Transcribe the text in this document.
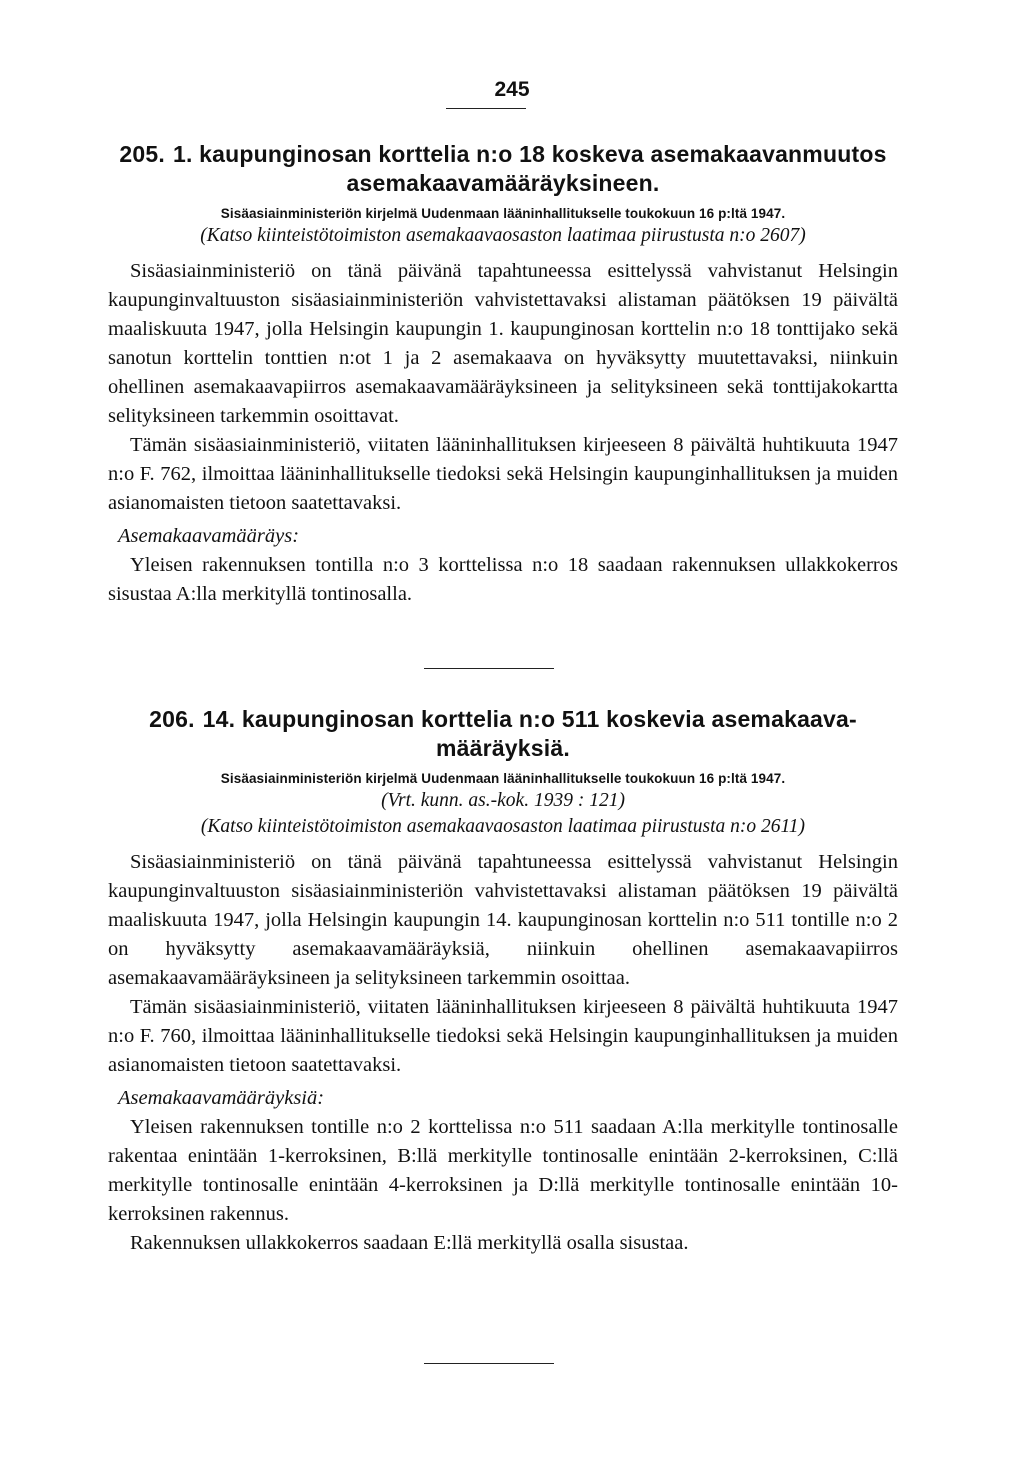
245
205. 1. kaupunginosan korttelia n:o 18 koskeva asemakaavanmuutos
asemakaavamääräyksineen.
Sisäasiainministeriön kirjelmä Uudenmaan lääninhallitukselle toukokuun 16 p:ltä 1947.
(Katso kiinteistötoimiston asemakaavaosaston laatimaa piirustusta n:o 2607)

Sisäasiainministeriö on tänä päivänä tapahtuneessa esittelyssä vahvistanut Helsingin kaupunginvaltuuston sisäasiainministeriön vahvistettavaksi alistaman päätöksen 19 päivältä maaliskuuta 1947, jolla Helsingin kaupungin 1. kaupunginosan korttelin n:o 18 tonttijako sekä sanotun korttelin tonttien n:ot 1 ja 2 asemakaava on hyväksytty muutettavaksi, niinkuin ohellinen asemakaavapiirros asemakaavamääräyksineen ja selityksineen sekä tonttijakokartta selityksineen tarkemmin osoittavat.

Tämän sisäasiainministeriö, viitaten lääninhallituksen kirjeeseen 8 päivältä huhtikuuta 1947 n:o F. 762, ilmoittaa lääninhallitukselle tiedoksi sekä Helsingin kaupunginhallituksen ja muiden asianomaisten tietoon saatettavaksi.

Asemakaavamääräys:

Yleisen rakennuksen tontilla n:o 3 korttelissa n:o 18 saadaan rakennuksen ullakkokerros sisustaa A:lla merkityllä tontinosalla.

206. 14. kaupunginosan korttelia n:o 511 koskevia asemakaava-
määräyksiä.
Sisäasiainministeriön kirjelmä Uudenmaan lääninhallitukselle toukokuun 16 p:ltä 1947.
(Vrt. kunn. as.-kok. 1939 : 121)
(Katso kiinteistötoimiston asemakaavaosaston laatimaa piirustusta n:o 2611)

Sisäasiainministeriö on tänä päivänä tapahtuneessa esittelyssä vahvistanut Helsingin kaupunginvaltuuston sisäasiainministeriön vahvistettavaksi alistaman päätöksen 19 päivältä maaliskuuta 1947, jolla Helsingin kaupungin 14. kaupunginosan korttelin n:o 511 tontille n:o 2 on hyväksytty asemakaavamääräyksiä, niinkuin ohellinen asemakaavapiirros asemakaavamääräyksineen ja selityksineen tarkemmin osoittaa.

Tämän sisäasiainministeriö, viitaten lääninhallituksen kirjeeseen 8 päivältä huhtikuuta 1947 n:o F. 760, ilmoittaa lääninhallitukselle tiedoksi sekä Helsingin kaupunginhallituksen ja muiden asianomaisten tietoon saatettavaksi.

Asemakaavamääräyksiä:

Yleisen rakennuksen tontille n:o 2 korttelissa n:o 511 saadaan A:lla merkitylle tontinosalle rakentaa enintään 1-kerroksinen, B:llä merkitylle tontinosalle enintään 2-kerroksinen, C:llä merkitylle tontinosalle enintään 4-kerroksinen ja D:llä merkitylle tontinosalle enintään 10-kerroksinen rakennus.

Rakennuksen ullakkokerros saadaan E:llä merkityllä osalla sisustaa.
